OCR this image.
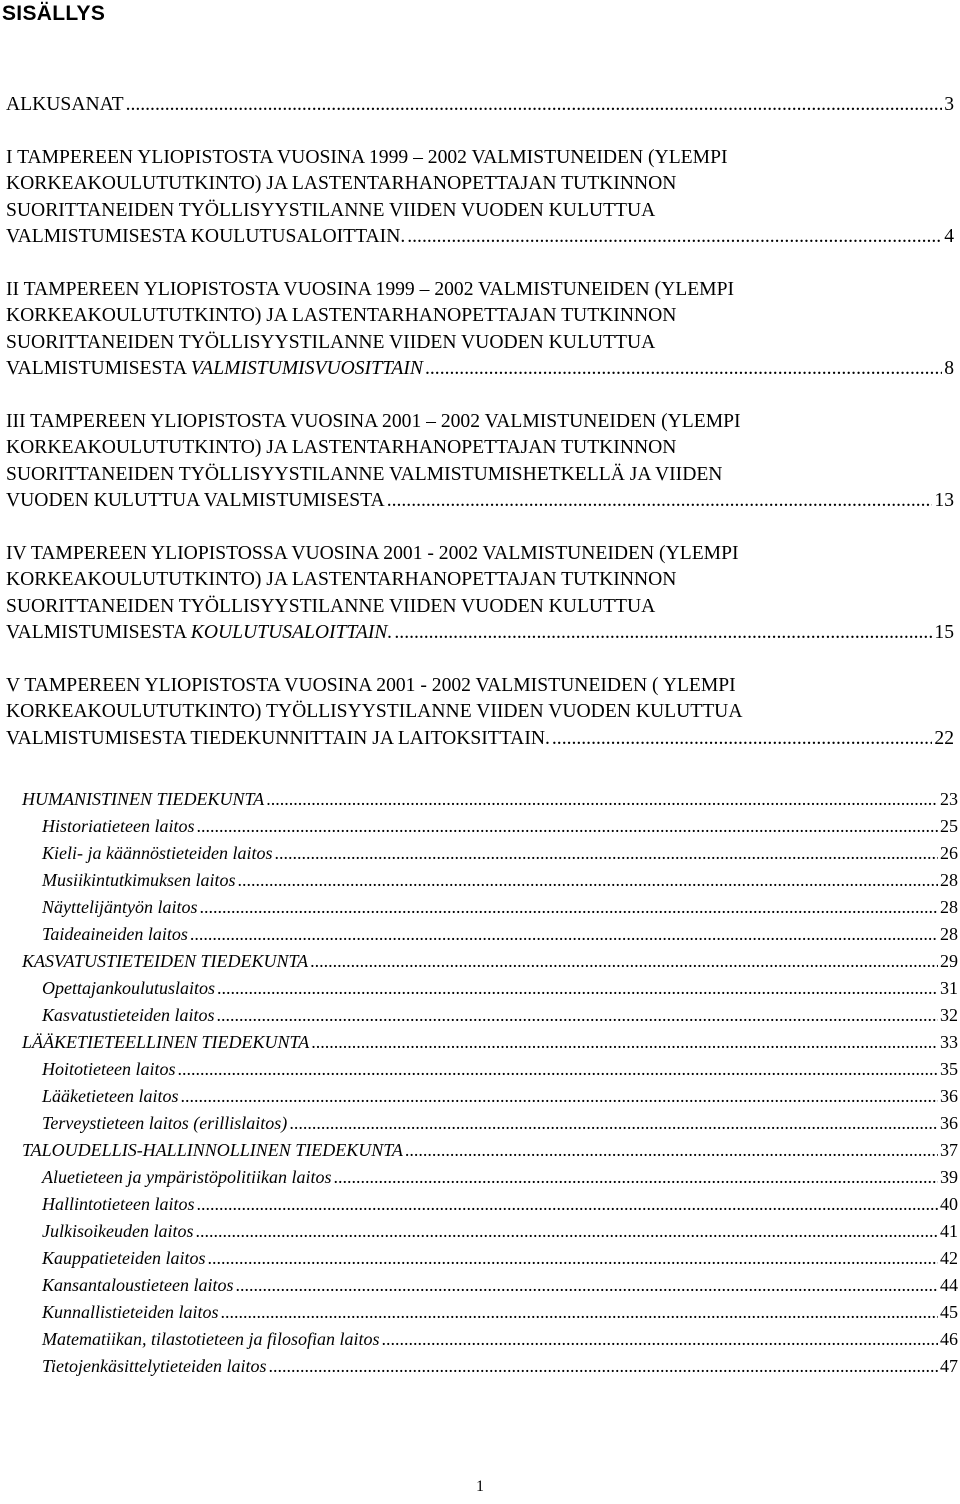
SISÄLLYS
ALKUSANAT .....	3
I TAMPEREEN YLIOPISTOSTA VUOSINA 1999 – 2002 VALMISTUNEIDEN (YLEMPI
KORKEAKOULUTUTKINTO) JA LASTENTARHANOPETTAJAN TUTKINNON
SUORITTANEIDEN TYÖLLISYYSTILANNE VIIDEN VUODEN KULUTTUA
VALMISTUMISESTA KOULUTUSALOITTAIN. .....	4
II TAMPEREEN YLIOPISTOSTA VUOSINA 1999 – 2002 VALMISTUNEIDEN (YLEMPI
KORKEAKOULUTUTKINTO) JA LASTENTARHANOPETTAJAN TUTKINNON
SUORITTANEIDEN TYÖLLISYYSTILANNE VIIDEN VUODEN KULUTTUA
VALMISTUMISESTA VALMISTUMISVUOSITTAIN .....	8
III TAMPEREEN YLIOPISTOSTA VUOSINA 2001 – 2002 VALMISTUNEIDEN (YLEMPI
KORKEAKOULUTUTKINTO) JA LASTENTARHANOPETTAJAN TUTKINNON
SUORITTANEIDEN TYÖLLISYYSTILANNE VALMISTUMISHETKELLÄ JA VIIDEN
VUODEN KULUTTUA VALMISTUMISESTA .....	13
IV TAMPEREEN YLIOPISTOSSA VUOSINA 2001 - 2002 VALMISTUNEIDEN (YLEMPI
KORKEAKOULUTUTKINTO) JA LASTENTARHANOPETTAJAN TUTKINNON
SUORITTANEIDEN TYÖLLISYYSTILANNE VIIDEN VUODEN KULUTTUA
VALMISTUMISESTA KOULUTUSALOITTAIN. .....	15
V TAMPEREEN YLIOPISTOSTA VUOSINA 2001 - 2002 VALMISTUNEIDEN ( YLEMPI
KORKEAKOULUTUTKINTO) TYÖLLISYYSTILANNE VIIDEN VUODEN KULUTTUA
VALMISTUMISESTA TIEDEKUNNITTAIN JA LAITOKSITTAIN. .....	22
HUMANISTINEN TIEDEKUNTA .....	23
Historiatieteen laitos .....	25
Kieli- ja käännöstieteiden laitos .....	26
Musiikintutkimuksen laitos .....	28
Näyttelijäntyön laitos .....	28
Taideaineiden laitos .....	28
KASVATUSTIETEIDEN TIEDEKUNTA .....	29
Opettajankoulutuslaitos .....	31
Kasvatustieteiden laitos .....	32
LÄÄKETIETEELLINEN TIEDEKUNTA .....	33
Hoitotieteen laitos .....	35
Lääketieteen laitos .....	36
Terveystieteen laitos (erillislaitos) .....	36
TALOUDELLIS-HALLINNOLLINEN TIEDEKUNTA .....	37
Aluetieteen ja ympäristöpolitiikan laitos .....	39
Hallintotieteen laitos .....	40
Julkisoikeuden laitos .....	41
Kauppatieteiden laitos .....	42
Kansantaloustieteen laitos .....	44
Kunnallistieteiden laitos .....	45
Matematiikan, tilastotieteen ja filosofian laitos .....	46
Tietojenkäsittelytieteiden laitos .....	47
1
